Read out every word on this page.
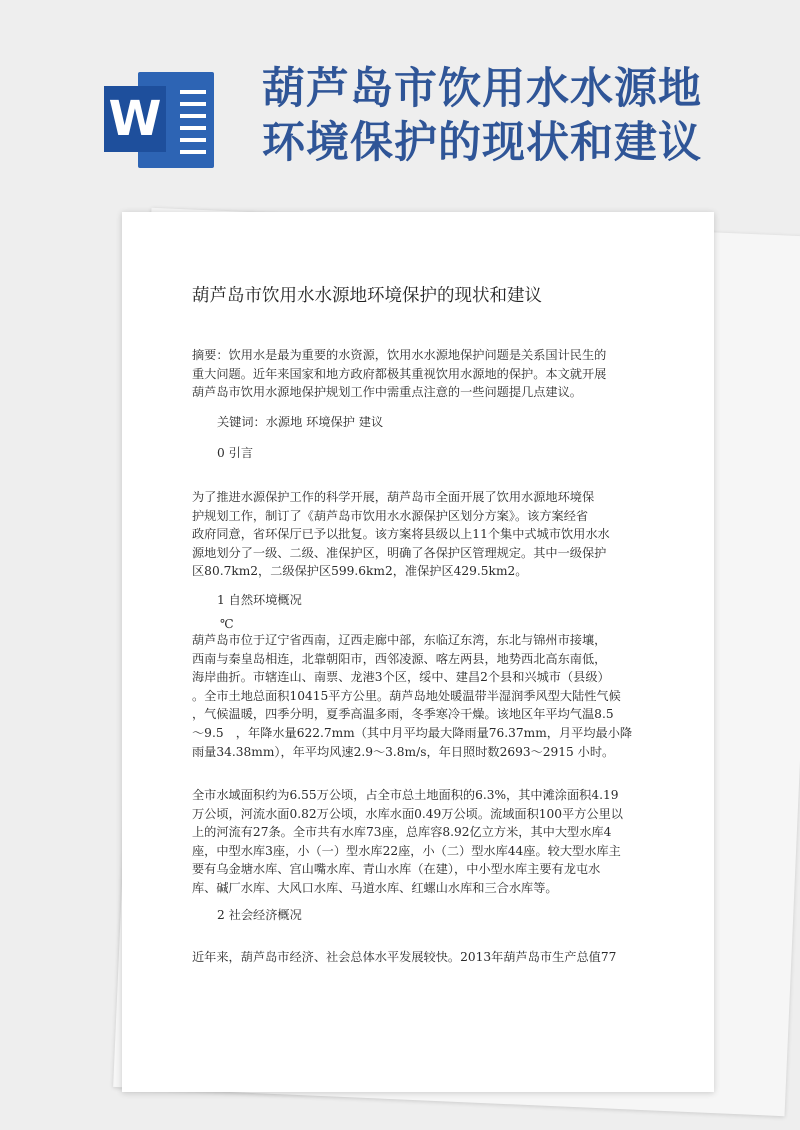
W
葫芦岛市饮用水水源地
环境保护的现状和建议
葫芦岛市饮用水水源地环境保护的现状和建议
摘要：饮用水是最为重要的水资源，饮用水水源地保护问题是关系国计民生的
重大问题。近年来国家和地方政府都极其重视饮用水源地的保护。本文就开展
葫芦岛市饮用水源地保护规划工作中需重点注意的一些问题提几点建议。
关键词：水源地 环境保护 建议
0 引言
为了推进水源保护工作的科学开展，葫芦岛市全面开展了饮用水源地环境保
护规划工作，制订了《葫芦岛市饮用水水源保护区划分方案》。该方案经省
政府同意，省环保厅已予以批复。该方案将县级以上11个集中式城市饮用水水
源地划分了一级、二级、准保护区，明确了各保护区管理规定。其中一级保护
区80.7km2，二级保护区599.6km2，准保护区429.5km2。
1 自然环境概况
℃
葫芦岛市位于辽宁省西南，辽西走廊中部，东临辽东湾，东北与锦州市接壤，
西南与秦皇岛相连，北靠朝阳市，西邻凌源、喀左两县，地势西北高东南低，
海岸曲折。市辖连山、南票、龙港3个区，绥中、建昌2个县和兴城市（县级）
。全市土地总面积10415平方公里。葫芦岛地处暖温带半湿润季风型大陆性气候
，气候温暖，四季分明，夏季高温多雨，冬季寒冷干燥。该地区年平均气温8.5
～9.5　，年降水量622.7mm（其中月平均最大降雨量76.37mm，月平均最小降
雨量34.38mm），年平均风速2.9～3.8m/s，年日照时数2693～2915 小时。
全市水域面积约为6.55万公顷，占全市总土地面积的6.3%，其中滩涂面积4.19
万公顷，河流水面0.82万公顷，水库水面0.49万公顷。流域面积100平方公里以
上的河流有27条。全市共有水库73座，总库容8.92亿立方米，其中大型水库4
座，中型水库3座，小（一）型水库22座，小（二）型水库44座。较大型水库主
要有乌金塘水库、宫山嘴水库、青山水库（在建），中小型水库主要有龙屯水
库、碱厂水库、大风口水库、马道水库、红螺山水库和三合水库等。
2 社会经济概况
近年来，葫芦岛市经济、社会总体水平发展较快。2013年葫芦岛市生产总值77
